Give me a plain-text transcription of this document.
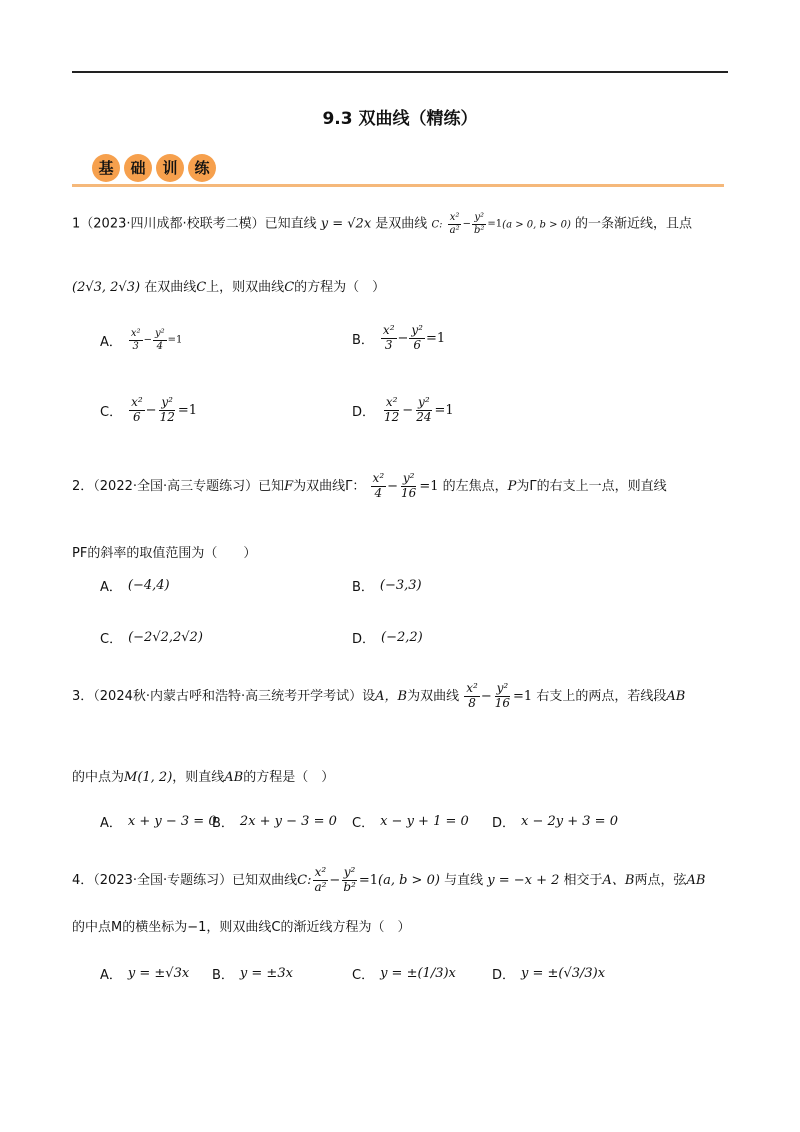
9.3 双曲线（精练）
基	础	训	练
1（2023·四川成都·校联考二模）已知直线 y = √2x 是双曲线 C: $\frac{\text{x²}}{\text{a²}} - \frac{\text{y²}}{\text{b²}} =1(a > 0$, b > 0) 的一条渐近线，且点
(2√3, 2√3) 在双曲线C上，则双曲线C的方程为（　）
A． $\frac{\text{x²}}{3} - \frac{\text{y²}}{4} =1$	B． $\frac{\text{x²}}{3} - \frac{\text{y²}}{6} =1$
C． $\frac{\text{x²}}{6} - \frac{\text{y²}}{12} =1$	D． $\frac{\text{x²}}{12} - \frac{\text{y²}}{24} =1$
2．（2022·全国·高三专题练习）已知F为双曲线Γ： $\frac{\text{x²}}{4} - \frac{\text{y²}}{16} =1$ 的左焦点，P为Γ的右支上一点，则直线
PF的斜率的取值范围为（　　）
A． (−4,4)	B． (−3,3)
C． (−2√2,2√2)	D． (−2,2)
3．（2024秋·内蒙古呼和浩特·高三统考开学考试）设A，B为双曲线 $\frac{\text{x²}}{8} - \frac{\text{y²}}{16} =1$ 右支上的两点，若线段AB
的中点为M(1, 2)，则直线AB的方程是（　）
A． x + y − 3 = 0
B． 2x + y − 3 = 0 C． x − y + 1 = 0 D． x − 2y + 3 = 0
4．（2023·全国·专题练习）已知双曲线C: $\frac{\text{x²}}{\text{a²}} - \frac{\text{y²}}{\text{b²}} =1(a$, b > 0) 与直线 y = −x + 2 相交于A、B两点，弦AB
的中点M的横坐标为−1，则双曲线C的渐近线方程为（　）
A． y = ±√3x B． y = ±3x	C． y = ±(1/3)x	D． y = ±(√3/3)x
